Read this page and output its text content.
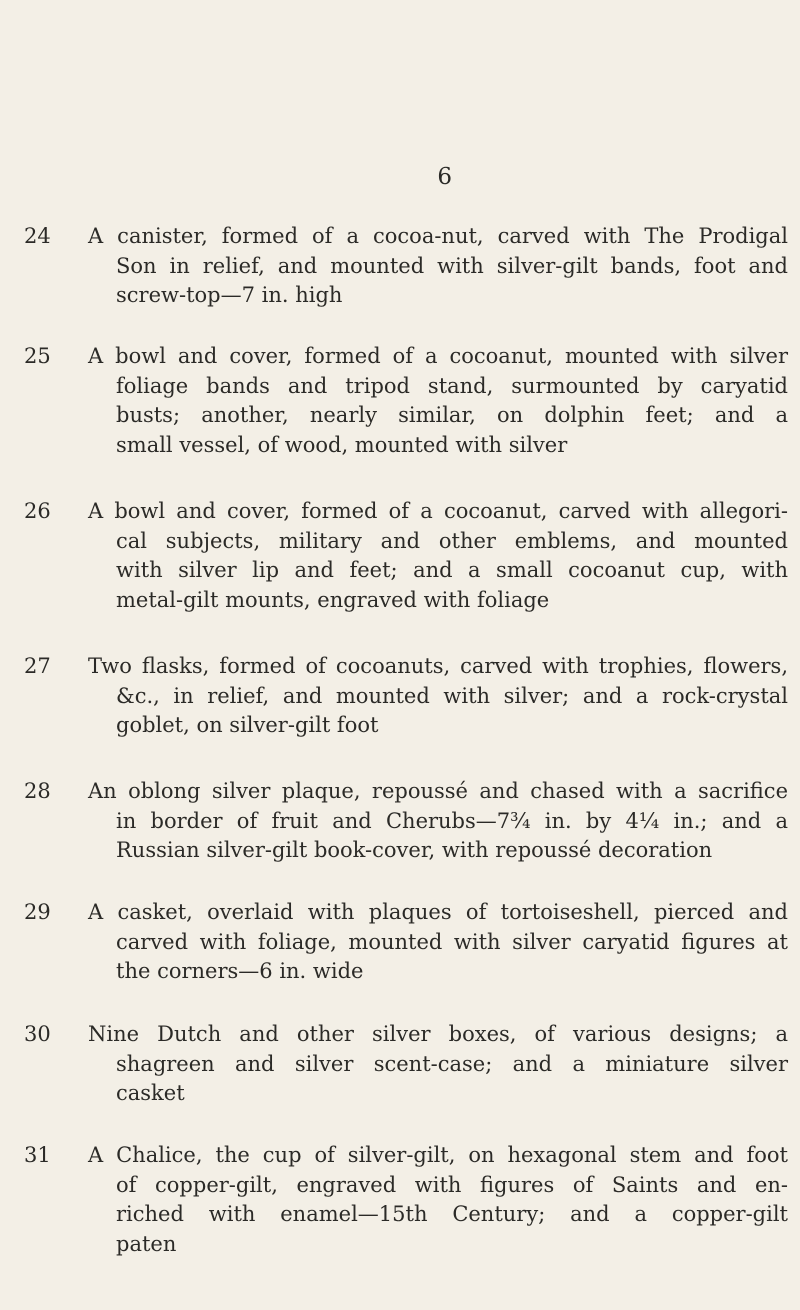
6
24	A canister, formed of a cocoa-nut, carved with The Prodigal
Son in relief, and mounted with silver-gilt bands, foot and
screw-top—7 in. high
25	A bowl and cover, formed of a cocoanut, mounted with silver
foliage bands and tripod stand, surmounted by caryatid
busts; another, nearly similar, on dolphin feet; and a
small vessel, of wood, mounted with silver
26	A bowl and cover, formed of a cocoanut, carved with allegori-
cal subjects, military and other emblems, and mounted
with silver lip and feet; and a small cocoanut cup, with
metal-gilt mounts, engraved with foliage
27	Two flasks, formed of cocoanuts, carved with trophies, flowers,
&c., in relief, and mounted with silver; and a rock-crystal
goblet, on silver-gilt foot
28	An oblong silver plaque, repoussé and chased with a sacrifice
in border of fruit and Cherubs—7¾ in. by 4¼ in.; and a
Russian silver-gilt book-cover, with repoussé decoration
29	A casket, overlaid with plaques of tortoiseshell, pierced and
carved with foliage, mounted with silver caryatid figures at
the corners—6 in. wide
30	Nine Dutch and other silver boxes, of various designs; a
shagreen and silver scent-case; and a miniature silver
casket
31	A Chalice, the cup of silver-gilt, on hexagonal stem and foot
of copper-gilt, engraved with figures of Saints and en-
riched with enamel—15th Century; and a copper-gilt
paten
